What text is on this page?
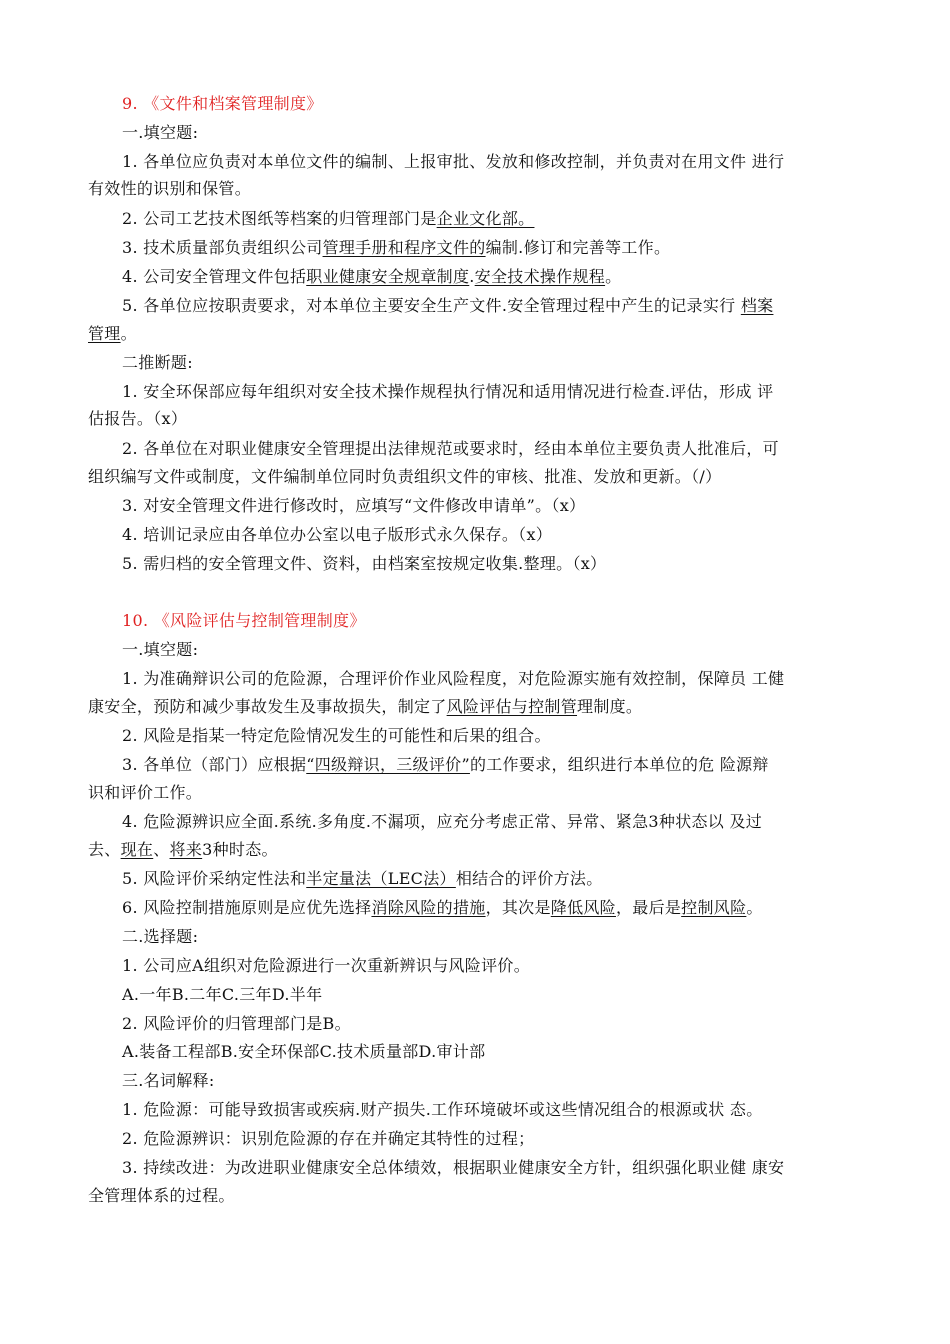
9. 《文件和档案管理制度》
一.填空题:
1. 各单位应负责对本单位文件的编制、上报审批、发放和修改控制，并负责对在用文件 进行
有效性的识别和保管。
2. 公司工艺技术图纸等档案的归管理部门是企业文化部。
3. 技术质量部负责组织公司管理手册和程序文件的编制.修订和完善等工作。
4. 公司安全管理文件包括职业健康安全规章制度.安全技术操作规程。
5. 各单位应按职责要求，对本单位主要安全生产文件.安全管理过程中产生的记录实行 档案
管理。
二推断题:
1. 安全环保部应每年组织对安全技术操作规程执行情况和适用情况进行检查.评估，形成 评
估报告。（x）
2. 各单位在对职业健康安全管理提出法律规范或要求时，经由本单位主要负责人批准后，可
组织编写文件或制度，文件编制单位同时负责组织文件的审核、批准、发放和更新。（/）
3. 对安全管理文件进行修改时，应填写“文件修改申请单”。（x）
4. 培训记录应由各单位办公室以电子版形式永久保存。（x）
5. 需归档的安全管理文件、资料，由档案室按规定收集.整理。（x）
10. 《风险评估与控制管理制度》
一.填空题:
1. 为准确辩识公司的危险源，合理评价作业风险程度，对危险源实施有效控制，保障员 工健
康安全，预防和减少事故发生及事故损失，制定了风险评估与控制管理制度。
2. 风险是指某一特定危险情况发生的可能性和后果的组合。
3. 各单位（部门）应根据“四级辩识，三级评价”的工作要求，组织进行本单位的危 险源辩
识和评价工作。
4. 危险源辨识应全面.系统.多角度.不漏项，应充分考虑正常、异常、紧急3种状态以 及过
去、现在、将来3种时态。
5. 风险评价采纳定性法和半定量法（LEC法）相结合的评价方法。
6. 风险控制措施原则是应优先选择消除风险的措施，其次是降低风险，最后是控制风险。
二.选择题:
1. 公司应A组织对危险源进行一次重新辨识与风险评价。
A.一年B.二年C.三年D.半年
2. 风险评价的归管理部门是B。
A.装备工程部B.安全环保部C.技术质量部D.审计部
三.名词解释:
1. 危险源：可能导致损害或疾病.财产损失.工作环境破坏或这些情况组合的根源或状 态。
2. 危险源辨识：识别危险源的存在并确定其特性的过程；
3. 持续改进：为改进职业健康安全总体绩效，根据职业健康安全方针，组织强化职业健 康安
全管理体系的过程。
